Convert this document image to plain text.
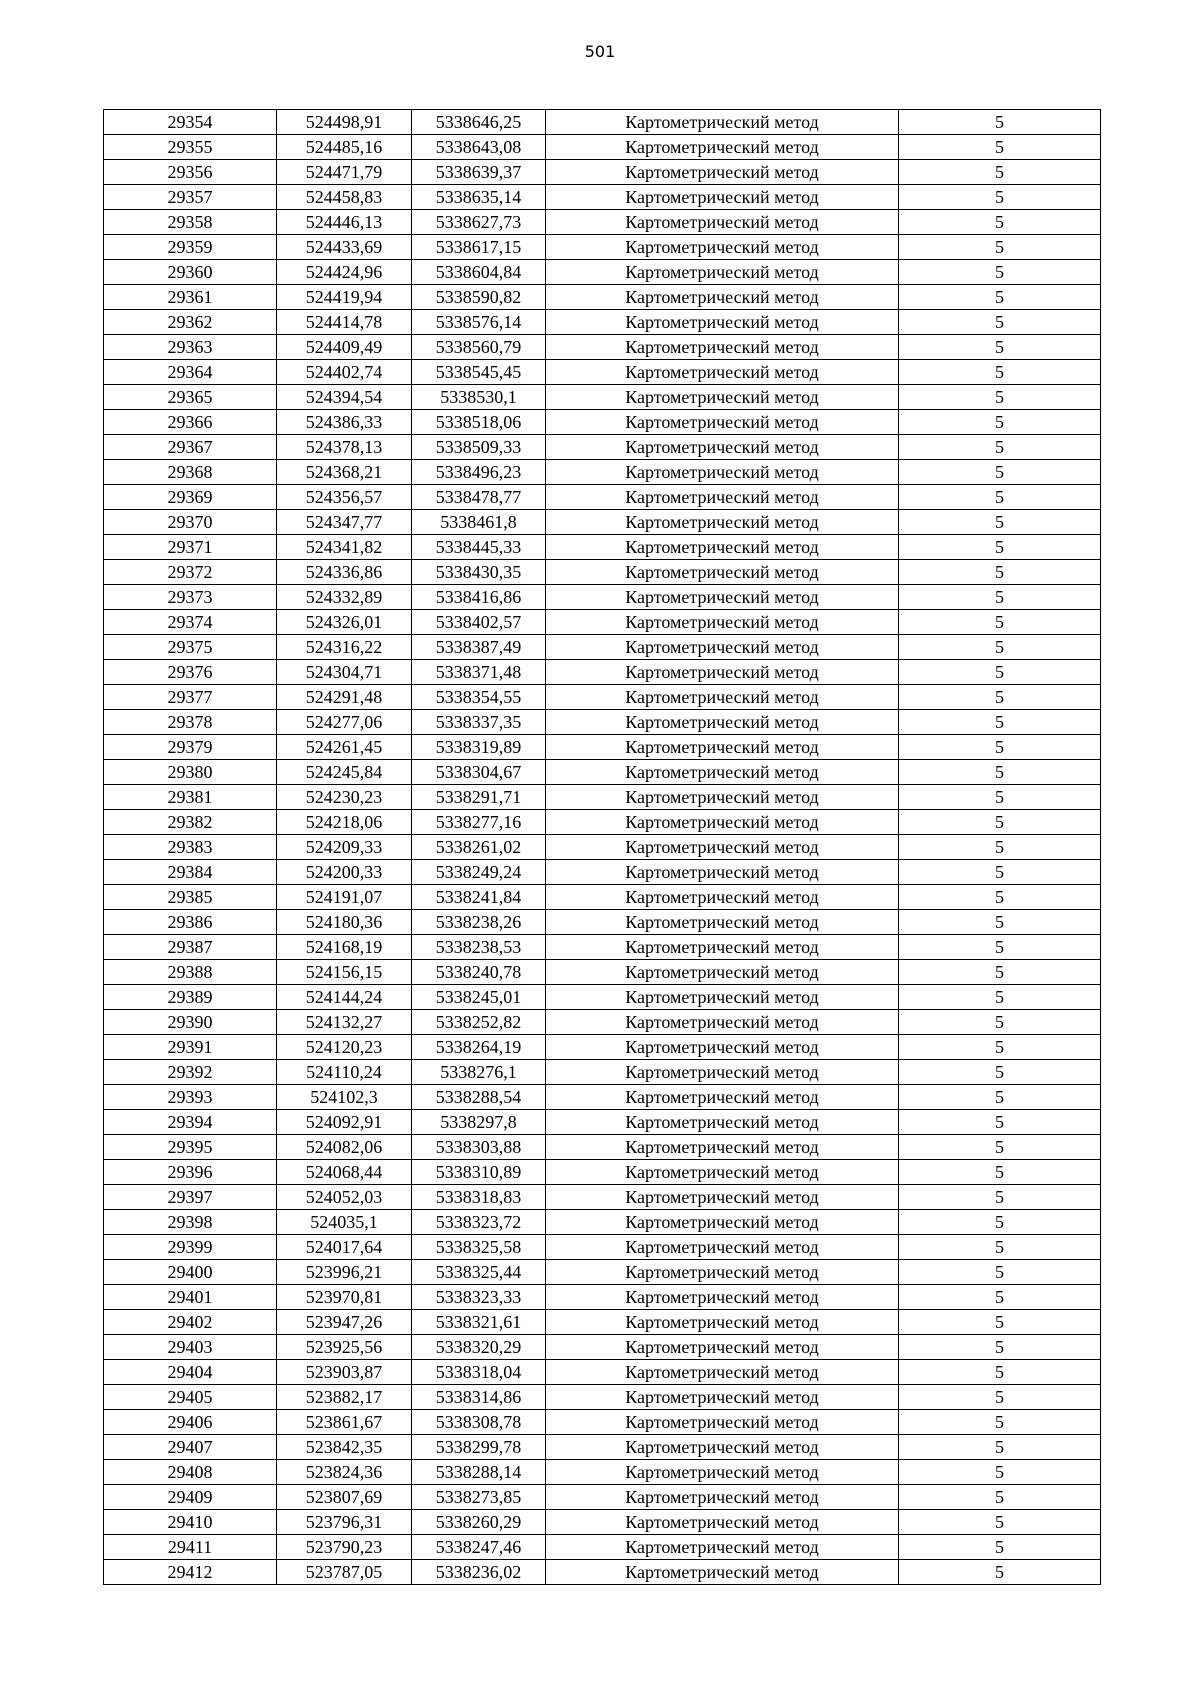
501
29354	524498,91	5338646,25	Картометрический метод	5
29355	524485,16	5338643,08	Картометрический метод	5
29356	524471,79	5338639,37	Картометрический метод	5
29357	524458,83	5338635,14	Картометрический метод	5
29358	524446,13	5338627,73	Картометрический метод	5
29359	524433,69	5338617,15	Картометрический метод	5
29360	524424,96	5338604,84	Картометрический метод	5
29361	524419,94	5338590,82	Картометрический метод	5
29362	524414,78	5338576,14	Картометрический метод	5
29363	524409,49	5338560,79	Картометрический метод	5
29364	524402,74	5338545,45	Картометрический метод	5
29365	524394,54	5338530,1	Картометрический метод	5
29366	524386,33	5338518,06	Картометрический метод	5
29367	524378,13	5338509,33	Картометрический метод	5
29368	524368,21	5338496,23	Картометрический метод	5
29369	524356,57	5338478,77	Картометрический метод	5
29370	524347,77	5338461,8	Картометрический метод	5
29371	524341,82	5338445,33	Картометрический метод	5
29372	524336,86	5338430,35	Картометрический метод	5
29373	524332,89	5338416,86	Картометрический метод	5
29374	524326,01	5338402,57	Картометрический метод	5
29375	524316,22	5338387,49	Картометрический метод	5
29376	524304,71	5338371,48	Картометрический метод	5
29377	524291,48	5338354,55	Картометрический метод	5
29378	524277,06	5338337,35	Картометрический метод	5
29379	524261,45	5338319,89	Картометрический метод	5
29380	524245,84	5338304,67	Картометрический метод	5
29381	524230,23	5338291,71	Картометрический метод	5
29382	524218,06	5338277,16	Картометрический метод	5
29383	524209,33	5338261,02	Картометрический метод	5
29384	524200,33	5338249,24	Картометрический метод	5
29385	524191,07	5338241,84	Картометрический метод	5
29386	524180,36	5338238,26	Картометрический метод	5
29387	524168,19	5338238,53	Картометрический метод	5
29388	524156,15	5338240,78	Картометрический метод	5
29389	524144,24	5338245,01	Картометрический метод	5
29390	524132,27	5338252,82	Картометрический метод	5
29391	524120,23	5338264,19	Картометрический метод	5
29392	524110,24	5338276,1	Картометрический метод	5
29393	524102,3	5338288,54	Картометрический метод	5
29394	524092,91	5338297,8	Картометрический метод	5
29395	524082,06	5338303,88	Картометрический метод	5
29396	524068,44	5338310,89	Картометрический метод	5
29397	524052,03	5338318,83	Картометрический метод	5
29398	524035,1	5338323,72	Картометрический метод	5
29399	524017,64	5338325,58	Картометрический метод	5
29400	523996,21	5338325,44	Картометрический метод	5
29401	523970,81	5338323,33	Картометрический метод	5
29402	523947,26	5338321,61	Картометрический метод	5
29403	523925,56	5338320,29	Картометрический метод	5
29404	523903,87	5338318,04	Картометрический метод	5
29405	523882,17	5338314,86	Картометрический метод	5
29406	523861,67	5338308,78	Картометрический метод	5
29407	523842,35	5338299,78	Картометрический метод	5
29408	523824,36	5338288,14	Картометрический метод	5
29409	523807,69	5338273,85	Картометрический метод	5
29410	523796,31	5338260,29	Картометрический метод	5
29411	523790,23	5338247,46	Картометрический метод	5
29412	523787,05	5338236,02	Картометрический метод	5
